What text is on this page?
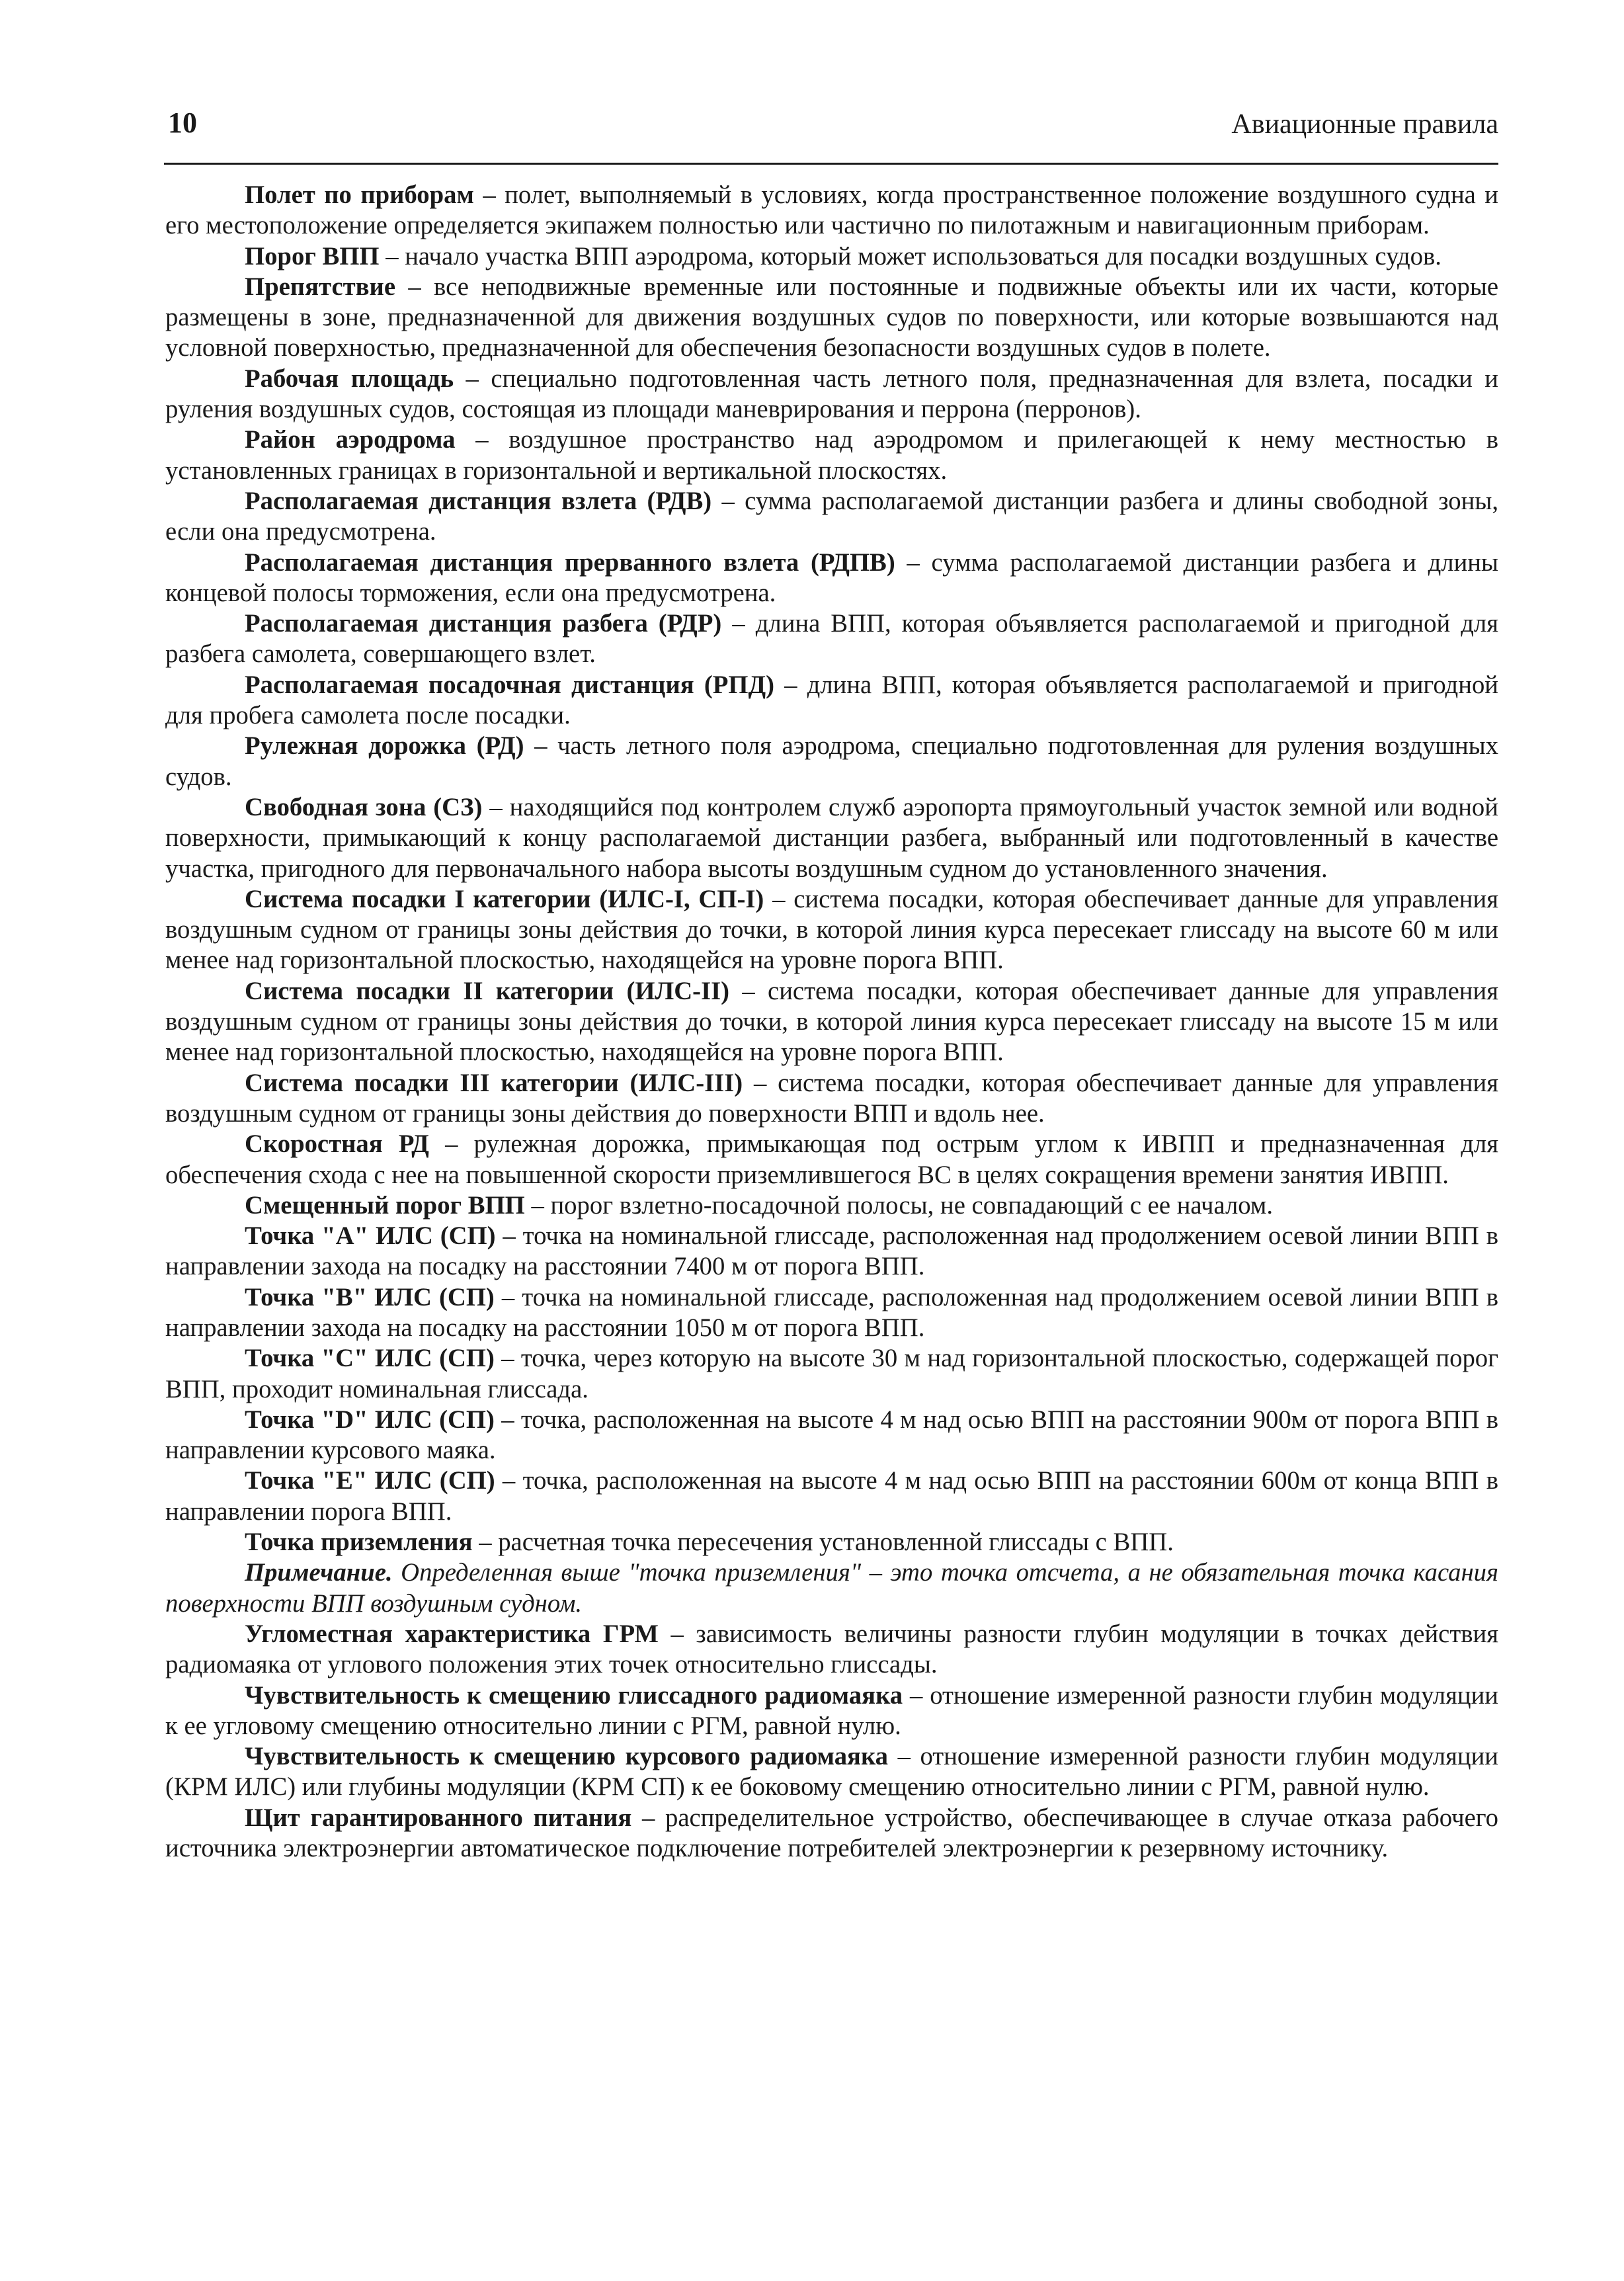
10	Авиационные правила

Полет по приборам – полет, выполняемый в условиях, когда пространственное положение воздушного судна и его местоположение определяется экипажем полностью или частично по пилотажным и навигационным приборам.

Порог ВПП – начало участка ВПП аэродрома, который может использоваться для посадки воздушных судов.

Препятствие – все неподвижные временные или постоянные и подвижные объекты или их части, которые размещены в зоне, предназначенной для движения воздушных судов по поверхности, или которые возвышаются над условной поверхностью, предназначенной для обеспечения безопасности воздушных судов в полете.

Рабочая площадь – специально подготовленная часть летного поля, предназначенная для взлета, посадки и руления воздушных судов, состоящая из площади маневрирования и перрона (перронов).

Район аэродрома – воздушное пространство над аэродромом и прилегающей к нему местностью в установленных границах в горизонтальной и вертикальной плоскостях.

Располагаемая дистанция взлета (РДВ) – сумма располагаемой дистанции разбега и длины свободной зоны, если она предусмотрена.

Располагаемая дистанция прерванного взлета (РДПВ) – сумма располагаемой дистанции разбега и длины концевой полосы торможения, если она предусмотрена.

Располагаемая дистанция разбега (РДР) – длина ВПП, которая объявляется располагаемой и пригодной для разбега самолета, совершающего взлет.

Располагаемая посадочная дистанция (РПД) – длина ВПП, которая объявляется располагаемой и пригодной для пробега самолета после посадки.

Рулежная дорожка (РД) – часть летного поля аэродрома, специально подготовленная для руления воздушных судов.

Свободная зона (СЗ) – находящийся под контролем служб аэропорта прямоугольный участок земной или водной поверхности, примыкающий к концу располагаемой дистанции разбега, выбранный или подготовленный в качестве участка, пригодного для первоначального набора высоты воздушным судном до установленного значения.

Система посадки I категории (ИЛС-I, СП-I) – система посадки, которая обеспечивает данные для управления воздушным судном от границы зоны действия до точки, в которой линия курса пересекает глиссаду на высоте 60 м или менее над горизонтальной плоскостью, находящейся на уровне порога ВПП.

Система посадки II категории (ИЛС-II) – система посадки, которая обеспечивает данные для управления воздушным судном от границы зоны действия до точки, в которой линия курса пересекает глиссаду на высоте 15 м или менее над горизонтальной плоскостью, находящейся на уровне порога ВПП.

Система посадки III категории (ИЛС-III) – система посадки, которая обеспечивает данные для управления воздушным судном от границы зоны действия до поверхности ВПП и вдоль нее.

Скоростная РД – рулежная дорожка, примыкающая под острым углом к ИВПП и предназначенная для обеспечения схода с нее на повышенной скорости приземлившегося ВС в целях сокращения времени занятия ИВПП.

Смещенный порог ВПП – порог взлетно-посадочной полосы, не совпадающий с ее началом.

Точка "А" ИЛС (СП) – точка на номинальной глиссаде, расположенная над продолжением осевой линии ВПП в направлении захода на посадку на расстоянии 7400 м от порога ВПП.

Точка "В" ИЛС (СП) – точка на номинальной глиссаде, расположенная над продолжением осевой линии ВПП в направлении захода на посадку на расстоянии 1050 м от порога ВПП.

Точка "С" ИЛС (СП) – точка, через которую на высоте 30 м над горизонтальной плоскостью, содержащей порог ВПП, проходит номинальная глиссада.

Точка "D" ИЛС (СП) – точка, расположенная на высоте 4 м над осью ВПП на расстоянии 900м от порога ВПП в направлении курсового маяка.

Точка "Е" ИЛС (СП) – точка, расположенная на высоте 4 м над осью ВПП на расстоянии 600м от конца ВПП в направлении порога ВПП.

Точка приземления – расчетная точка пересечения установленной глиссады с ВПП.

Примечание. Определенная выше "точка приземления" – это точка отсчета, а не обязательная точка касания поверхности ВПП воздушным судном.

Угломестная характеристика ГРМ – зависимость величины разности глубин модуляции в точках действия радиомаяка от углового положения этих точек относительно глиссады.

Чувствительность к смещению глиссадного радиомаяка – отношение измеренной разности глубин модуляции к ее угловому смещению относительно линии с РГМ, равной нулю.

Чувствительность к смещению курсового радиомаяка – отношение измеренной разности глубин модуляции (КРМ ИЛС) или глубины модуляции (КРМ СП) к ее боковому смещению относительно линии с РГМ, равной нулю.

Щит гарантированного питания – распределительное устройство, обеспечивающее в случае отказа рабочего источника электроэнергии автоматическое подключение потребителей электроэнергии к резервному источнику.
